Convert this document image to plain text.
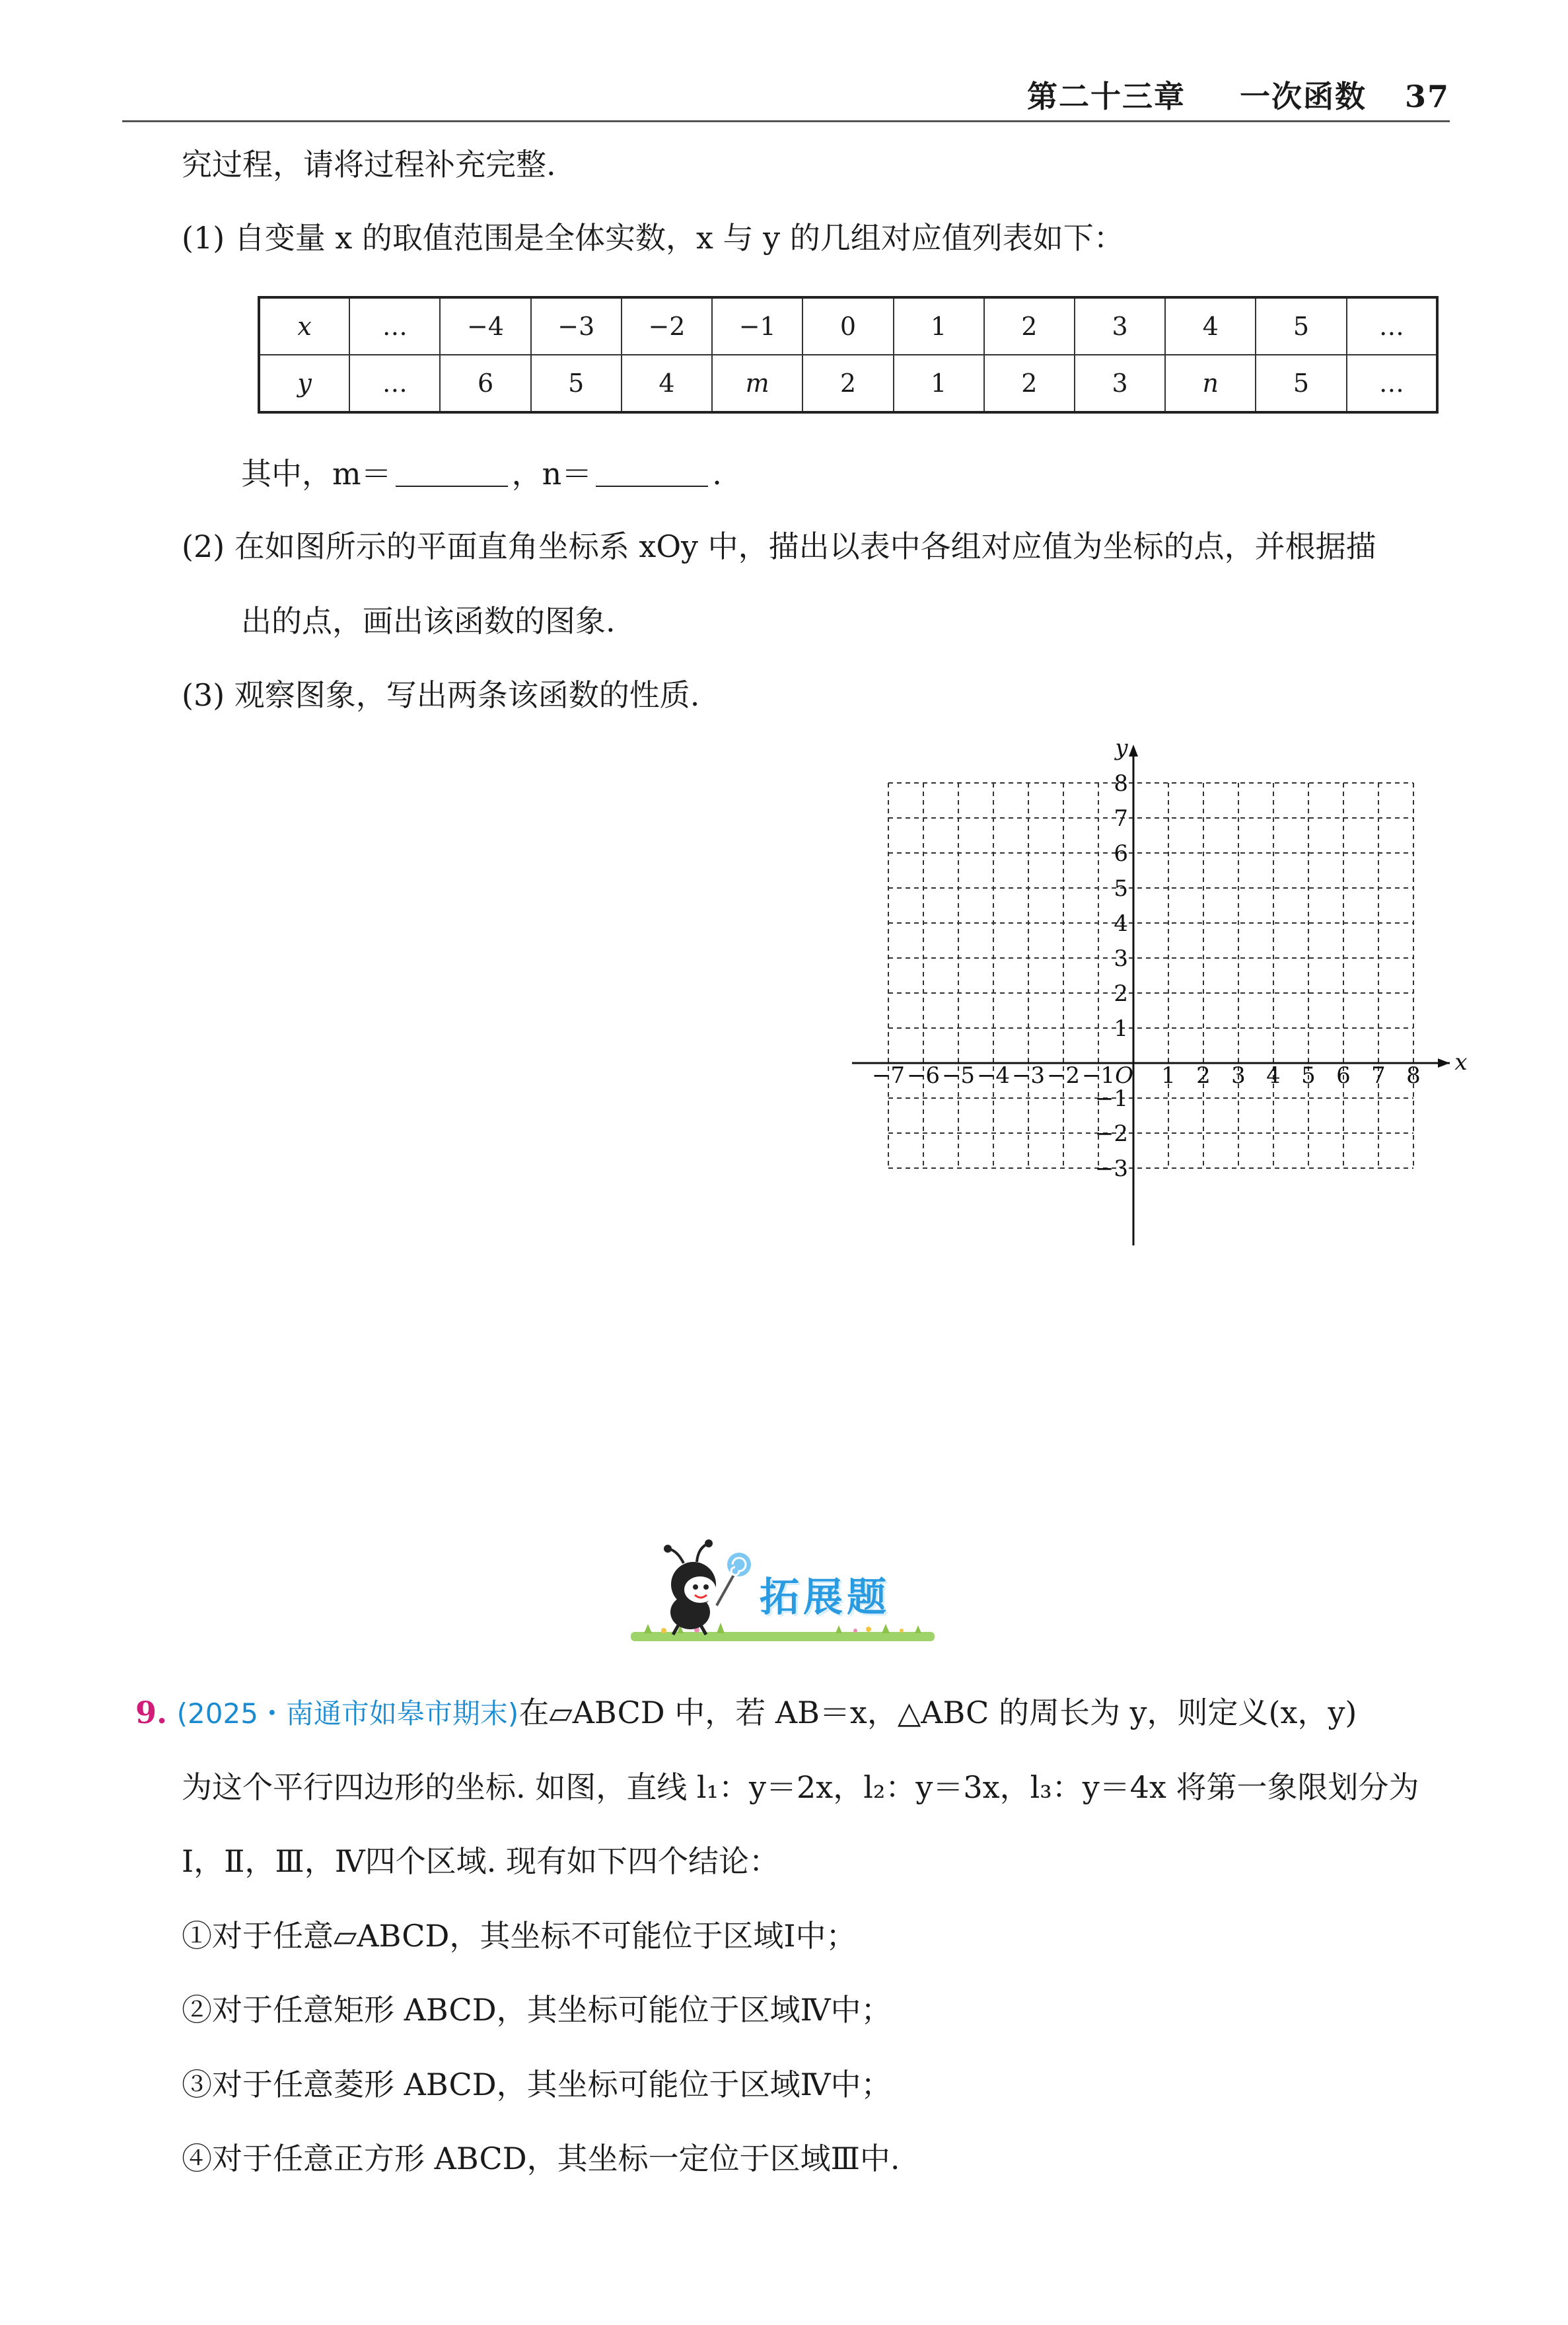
第二十三章 一次函数 37
究过程，请将过程补充完整.
(1) 自变量 x 的取值范围是全体实数，x 与 y 的几组对应值列表如下：
x	…	−4	−3	−2	−1	0	1	2	3	4	5	…
y	…	6	5	4	m	2	1	2	3	n	5	…
其中，m＝	，n＝	.
(2) 在如图所示的平面直角坐标系 xOy 中，描出以表中各组对应值为坐标的点，并根据描
出的点，画出该函数的图象.
(3) 观察图象，写出两条该函数的性质.
x
y
O
−7 −6 −5 −4 −3 −2 −1 1 2 3 4 5 6 7 8
8
7
6
5
4
3
2
1
−1
−2
−3
拓展题
9. (2025・南通市如皋市期末)在▱ABCD 中，若 AB＝x，△ABC 的周长为 y，则定义(x，y)
为这个平行四边形的坐标. 如图，直线 l₁：y＝2x，l₂：y＝3x，l₃：y＝4x 将第一象限划分为
Ⅰ，Ⅱ，Ⅲ，Ⅳ四个区域. 现有如下四个结论：
①对于任意▱ABCD，其坐标不可能位于区域Ⅰ中；
②对于任意矩形 ABCD，其坐标可能位于区域Ⅳ中；
③对于任意菱形 ABCD，其坐标可能位于区域Ⅳ中；
④对于任意正方形 ABCD，其坐标一定位于区域Ⅲ中.
